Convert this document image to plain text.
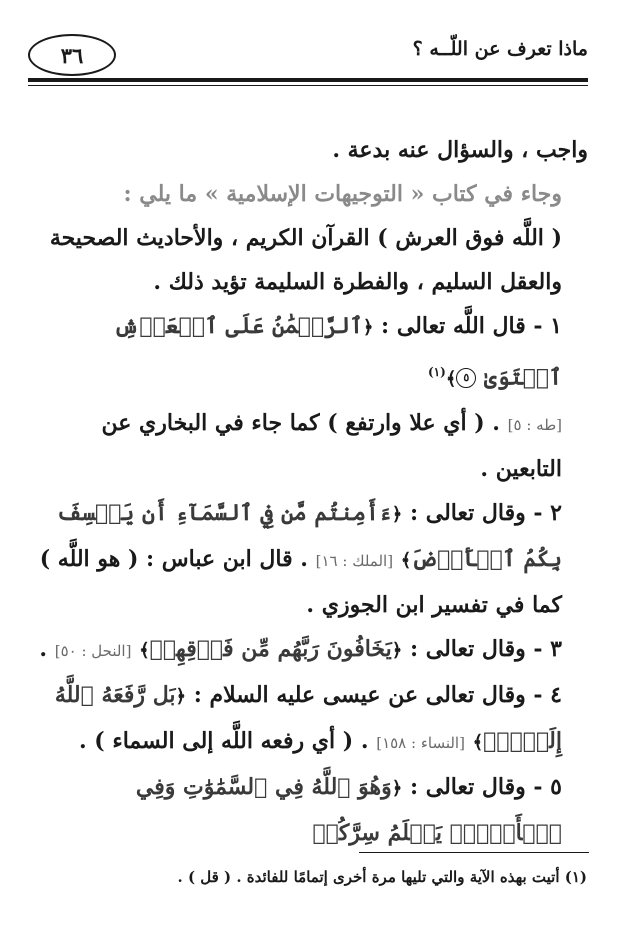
٣٦	ماذا تعرف عن اللّــه ؟

واجب ، والسؤال عنه بدعة .

وجاء في كتاب « التوجيهات الإسلامية » ما يلي :

( اللَّه فوق العرش ) القرآن الكريم ، والأحاديث الصحيحة والعقل السليم ، والفطرة السليمة تؤيد ذلك .

١ - قال اللَّه تعالى : ﴿ٱلرَّحۡمَٰنُ عَلَى ٱلۡعَرۡشِ ٱسۡتَوَىٰ ٥﴾$^{(١)}$
[طه : ٥] . ( أي علا وارتفع ) كما جاء في البخاري عن التابعين .

٢ - وقال تعالى : ﴿ءَأَمِنتُم مَّن فِي ٱلسَّمَآءِ أَن يَخۡسِفَ بِكُمُ ٱلۡأَرۡضَ﴾ [الملك : ١٦] . قال ابن عباس : ( هو اللَّه ) كما في تفسير ابن الجوزي .

٣ - وقال تعالى : ﴿يَخَافُونَ رَبَّهُم مِّن فَوۡقِهِمۡ﴾ [النحل : ٥٠] .

٤ - وقال تعالى عن عيسى عليه السلام : ﴿بَل رَّفَعَهُ ٱللَّهُ إِلَيۡهِۚ﴾ [النساء : ١٥٨] . ( أي رفعه اللَّه إلى السماء ) .

٥ - وقال تعالى : ﴿وَهُوَ ٱللَّهُ فِي ٱلسَّمَٰوَٰتِ وَفِي ٱلۡأَرۡضِۖ يَعۡلَمُ سِرَّكُمۡ

(١) أتيت بهذه الآية والتي تليها مرة أخرى إتمامًا للفائدة . ( قل ) .
